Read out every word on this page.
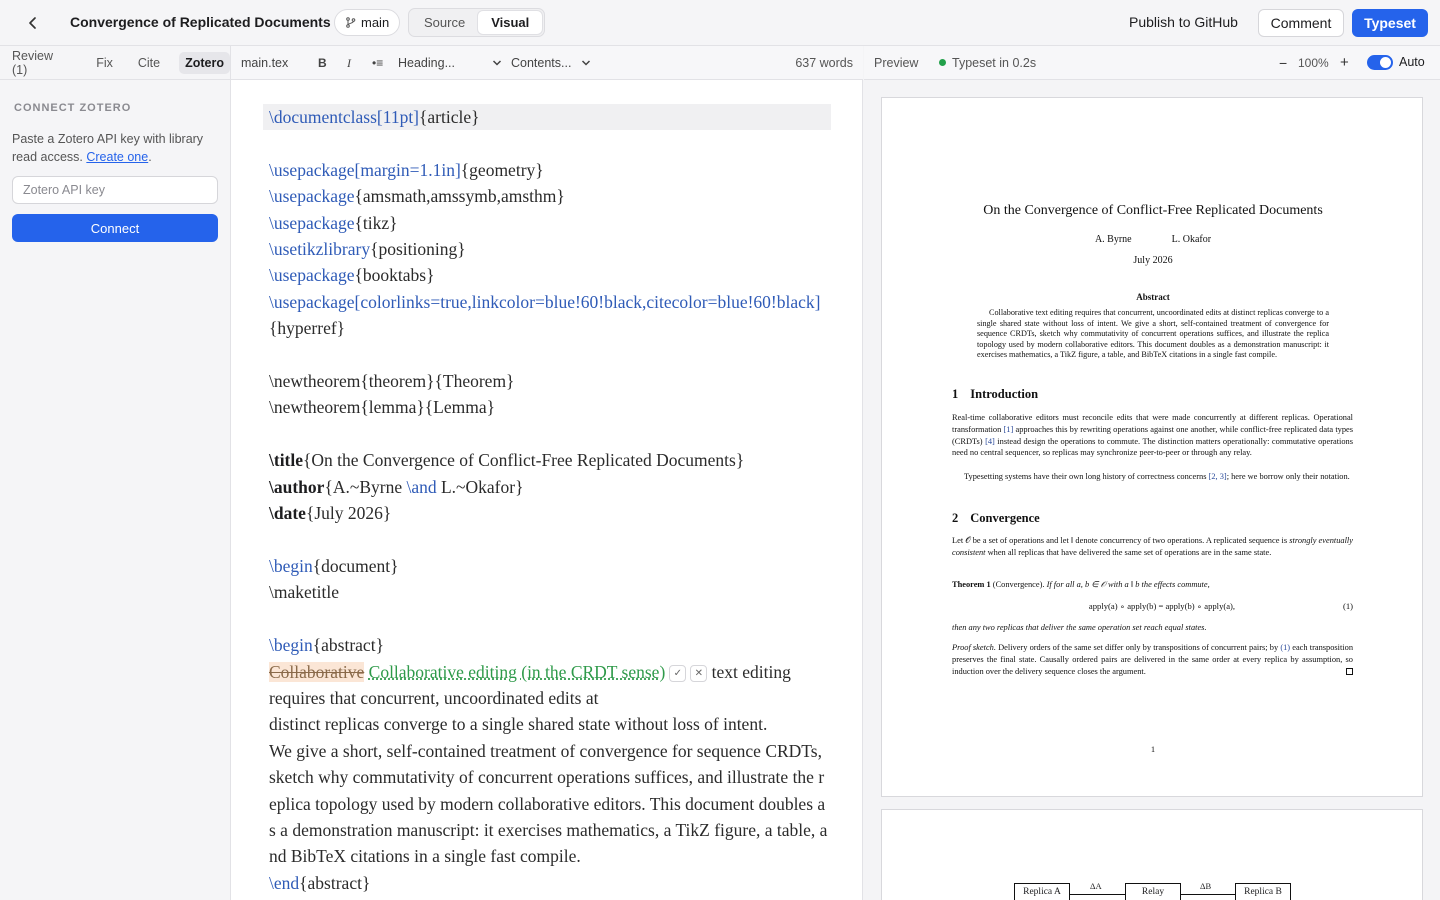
Convergence of Replicated Documents main	Source	Visual	Publish to GitHub	Comment	Typeset
Review (1)	Fix	Cite	Zotero
CONNECT ZOTERO
Paste a Zotero API key with library read access. Create one.
Zotero API key
Connect
main.tex B I •≡ Heading...	Contents...	637 words
\documentclass[11pt]{article}

\usepackage[margin=1.1in]{geometry}
\usepackage{amsmath,amssymb,amsthm}
\usepackage{tikz}
\usetikzlibrary{positioning}
\usepackage{booktabs}
\usepackage[colorlinks=true,linkcolor=blue!60!black,citecolor=blue!60!black]{hyperref}

\newtheorem{theorem}{Theorem}
\newtheorem{lemma}{Lemma}

\title{On the Convergence of Conflict-Free Replicated Documents}
\author{A.~Byrne \and L.~Okafor}
\date{July 2026}

\begin{document}
\maketitle

\begin{abstract}
Collaborative Collaborative editing (in the CRDT sense) ✓ ✕ text editing
requires that concurrent, uncoordinated edits at
distinct replicas converge to a single shared state without loss of intent.
We give a short, self-contained treatment of convergence for sequence CRDTs, sketch why commutativity of concurrent operations suffices, and illustrate the replica topology used by modern collaborative editors. This document doubles as a demonstration manuscript: it exercises mathematics, a TikZ figure, a table, and BibTeX citations in a single fast compile.
\end{abstract}
Preview	Typeset in 0.2s	− 100% +	Auto
On the Convergence of Conflict-Free Replicated Documents
A. Byrne	L. Okafor
July 2026
Abstract
Collaborative text editing requires that concurrent, uncoordinated edits at distinct replicas converge to a single shared state without loss of intent. We give a short, self-contained treatment of convergence for sequence CRDTs, sketch why commutativity of concurrent operations suffices, and illustrate the replica topology used by modern collaborative editors. This document doubles as a demonstration manuscript: it exercises mathematics, a TikZ figure, a table, and BibTeX citations in a single fast compile.
1 Introduction
Real-time collaborative editors must reconcile edits that were made concurrently at different replicas. Operational transformation [1] approaches this by rewriting operations against one another, while conflict-free replicated data types (CRDTs) [4] instead design the operations to commute. The distinction matters operationally: commutative operations need no central sequencer, so replicas may synchronize peer-to-peer or through any relay.
Typesetting systems have their own long history of correctness concerns [2, 3]; here we borrow only their notation.
2 Convergence
Let 𝒪 be a set of operations and let ‖ denote concurrency of two operations. A replicated sequence is strongly eventually consistent when all replicas that have delivered the same set of operations are in the same state.
Theorem 1 (Convergence). If for all a, b ∈ 𝒪 with a ‖ b the effects commute,
apply(a) ∘ apply(b) = apply(b) ∘ apply(a),	(1)
then any two replicas that deliver the same operation set reach equal states.
Proof sketch. Delivery orders of the same set differ only by transpositions of concurrent pairs; by (1) each transposition preserves the final state. Causally ordered pairs are delivered in the same order at every replica by assumption, so induction over the delivery sequence closes the argument.
1
Replica A
ΔA
Relay
ΔB
Replica B
